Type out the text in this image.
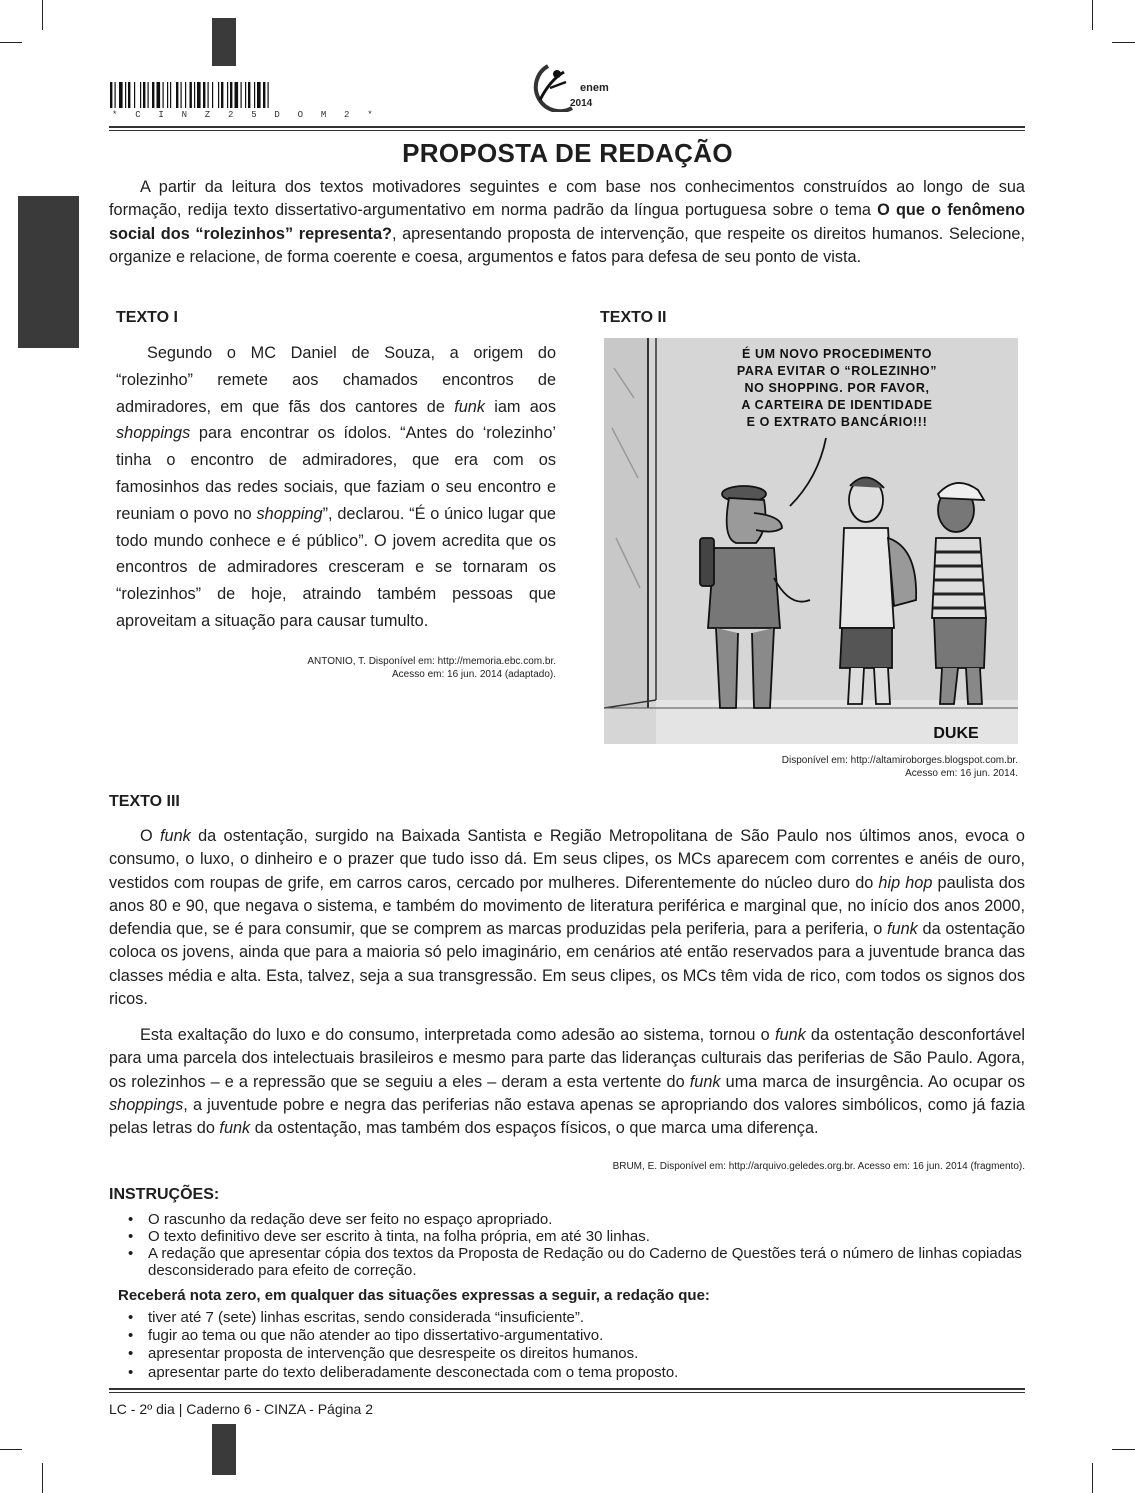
* C I N Z 2 5 D O M 2 *
enem
2014
PROPOSTA DE REDAÇÃO

A partir da leitura dos textos motivadores seguintes e com base nos conhecimentos construídos ao longo de sua formação, redija texto dissertativo-argumentativo em norma padrão da língua portuguesa sobre o tema O que o fenômeno social dos “rolezinhos” representa?, apresentando proposta de intervenção, que respeite os direitos humanos. Selecione, organize e relacione, de forma coerente e coesa, argumentos e fatos para defesa de seu ponto de vista.

TEXTO I

Segundo o MC Daniel de Souza, a origem do “rolezinho” remete aos chamados encontros de admiradores, em que fãs dos cantores de funk iam aos shoppings para encontrar os ídolos. “Antes do ‘rolezinho’ tinha o encontro de admiradores, que era com os famosinhos das redes sociais, que faziam o seu encontro e reuniam o povo no shopping”, declarou. “É o único lugar que todo mundo conhece e é público”. O jovem acredita que os encontros de admiradores cresceram e se tornaram os “rolezinhos” de hoje, atraindo também pessoas que aproveitam a situação para causar tumulto.

ANTONIO, T. Disponível em: http://memoria.ebc.com.br.
Acesso em: 16 jun. 2014 (adaptado).
TEXTO II
É UM NOVO PROCEDIMENTO
PARA EVITAR O “ROLEZINHO”
NO SHOPPING. POR FAVOR,
A CARTEIRA DE IDENTIDADE
E O EXTRATO BANCÁRIO!!!
DUKE
Disponível em: http://altamiroborges.blogspot.com.br.
Acesso em: 16 jun. 2014.
TEXTO III

O funk da ostentação, surgido na Baixada Santista e Região Metropolitana de São Paulo nos últimos anos, evoca o consumo, o luxo, o dinheiro e o prazer que tudo isso dá. Em seus clipes, os MCs aparecem com correntes e anéis de ouro, vestidos com roupas de grife, em carros caros, cercado por mulheres. Diferentemente do núcleo duro do hip hop paulista dos anos 80 e 90, que negava o sistema, e também do movimento de literatura periférica e marginal que, no início dos anos 2000, defendia que, se é para consumir, que se comprem as marcas produzidas pela periferia, para a periferia, o funk da ostentação coloca os jovens, ainda que para a maioria só pelo imaginário, em cenários até então reservados para a juventude branca das classes média e alta. Esta, talvez, seja a sua transgressão. Em seus clipes, os MCs têm vida de rico, com todos os signos dos ricos.

Esta exaltação do luxo e do consumo, interpretada como adesão ao sistema, tornou o funk da ostentação desconfortável para uma parcela dos intelectuais brasileiros e mesmo para parte das lideranças culturais das periferias de São Paulo. Agora, os rolezinhos – e a repressão que se seguiu a eles – deram a esta vertente do funk uma marca de insurgência. Ao ocupar os shoppings, a juventude pobre e negra das periferias não estava apenas se apropriando dos valores simbólicos, como já fazia pelas letras do funk da ostentação, mas também dos espaços físicos, o que marca uma diferença.

BRUM, E. Disponível em: http://arquivo.geledes.org.br. Acesso em: 16 jun. 2014 (fragmento).
INSTRUÇÕES:
• O rascunho da redação deve ser feito no espaço apropriado.
• O texto definitivo deve ser escrito à tinta, na folha própria, em até 30 linhas.
• A redação que apresentar cópia dos textos da Proposta de Redação ou do Caderno de Questões terá o número de linhas copiadas desconsiderado para efeito de correção.
Receberá nota zero, em qualquer das situações expressas a seguir, a redação que:
• tiver até 7 (sete) linhas escritas, sendo considerada “insuficiente”.
• fugir ao tema ou que não atender ao tipo dissertativo-argumentativo.
• apresentar proposta de intervenção que desrespeite os direitos humanos.
• apresentar parte do texto deliberadamente desconectada com o tema proposto.
LC - 2º dia | Caderno 6 - CINZA - Página 2
